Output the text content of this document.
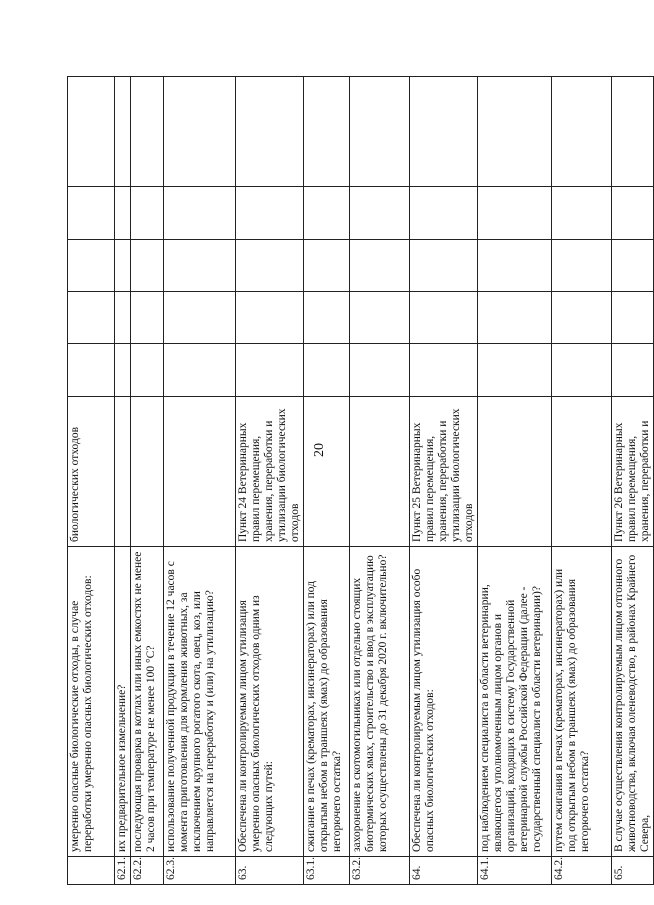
20
	умеренно опасные биологические отходы, в случае переработки умеренно опасных биологических отходов:	биологических отходов					
62.1.	их предварительное измельчение?						
62.2.	последующая проварка в котлах или иных емкостях не менее 2 часов при температуре не менее 100 °C?						
62.3.	использование полученной продукции в течение 12 часов с момента приготовления для кормления животных, за исключением крупного рогатого скота, овец, коз, или направляется на переработку и (или) на утилизацию?						
63.	Обеспечена ли контролируемым лицом утилизация умеренно опасных биологических отходов одним из следующих путей:	Пункт 24 Ветеринарных правил перемещения, хранения, переработки и утилизации биологических отходов					
63.1.	сжигание в печах (крематорах, инсинераторах) или под открытым небом в траншеях (ямах) до образования негорючего остатка?						
63.2.	захоронение в скотомогильниках или отдельно стоящих биотермических ямах, строительство и ввод в эксплуатацию которых осуществлены до 31 декабря 2020 г. включительно?						
64.	Обеспечена ли контролируемым лицом утилизация особо опасных биологических отходов:	Пункт 25 Ветеринарных правил перемещения, хранения, переработки и утилизации биологических отходов					
64.1.	под наблюдением специалиста в области ветеринарии, являющегося уполномоченным лицом органов и организаций, входящих в систему Государственной ветеринарной службы Российской Федерации (далее - государственный специалист в области ветеринарии)?						
64.2.	путем сжигания в печах (крематорах, инсинераторах) или под открытым небом в траншеях (ямах) до образования негорючего остатка?						
65.	В случае осуществления контролируемым лицом отгонного животноводства, включая оленеводство, в районах Крайнего Севера,	Пункт 26 Ветеринарных правил перемещения, хранения, переработки и					
